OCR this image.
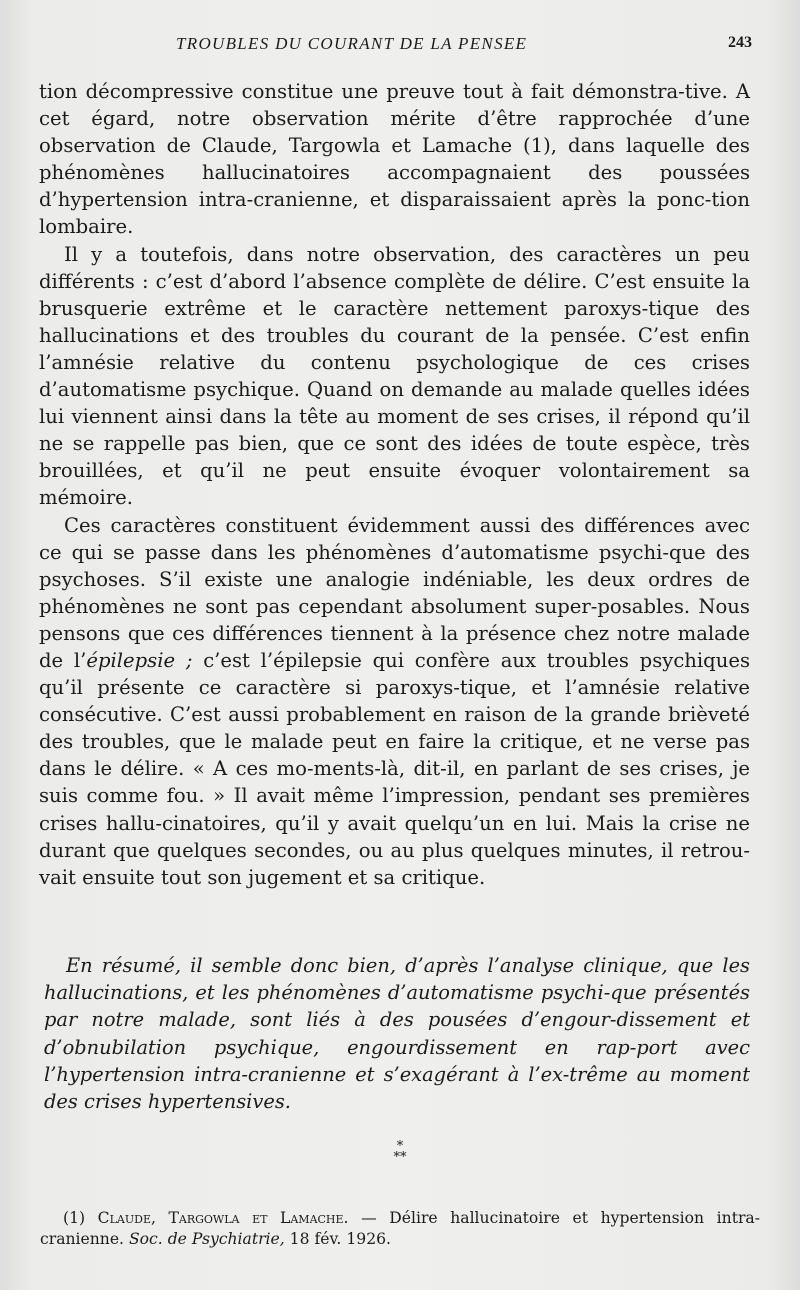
TROUBLES DU COURANT DE LA PENSEE	243

tion décompressive constitue une preuve tout à fait démonstra-tive. A cet égard, notre observation mérite d’être rapprochée d’une observation de Claude, Targowla et Lamache (1), dans laquelle des phénomènes hallucinatoires accompagnaient des poussées d’hypertension intra-cranienne, et disparaissaient après la ponc-tion lombaire.

Il y a toutefois, dans notre observation, des caractères un peu différents : c’est d’abord l’absence complète de délire. C’est ensuite la brusquerie extrême et le caractère nettement paroxys-tique des hallucinations et des troubles du courant de la pensée. C’est enfin l’amnésie relative du contenu psychologique de ces crises d’automatisme psychique. Quand on demande au malade quelles idées lui viennent ainsi dans la tête au moment de ses crises, il répond qu’il ne se rappelle pas bien, que ce sont des idées de toute espèce, très brouillées, et qu’il ne peut ensuite évoquer volontairement sa mémoire.

Ces caractères constituent évidemment aussi des différences avec ce qui se passe dans les phénomènes d’automatisme psychi-que des psychoses. S’il existe une analogie indéniable, les deux ordres de phénomènes ne sont pas cependant absolument super-posables. Nous pensons que ces différences tiennent à la présence chez notre malade de l’épilepsie ; c’est l’épilepsie qui confère aux troubles psychiques qu’il présente ce caractère si paroxys-tique, et l’amnésie relative consécutive. C’est aussi probablement en raison de la grande brièveté des troubles, que le malade peut en faire la critique, et ne verse pas dans le délire. « A ces mo-ments-là, dit-il, en parlant de ses crises, je suis comme fou. » Il avait même l’impression, pendant ses premières crises hallu-cinatoires, qu’il y avait quelqu’un en lui. Mais la crise ne durant que quelques secondes, ou au plus quelques minutes, il retrou-vait ensuite tout son jugement et sa critique.

En résumé, il semble donc bien, d’après l’analyse clinique, que les hallucinations, et les phénomènes d’automatisme psychi-que présentés par notre malade, sont liés à des pousées d’engour-dissement et d’obnubilation psychique, engourdissement en rap-port avec l’hypertension intra-cranienne et s’exagérant à l’ex-trême au moment des crises hypertensives.

*
**

(1) Claude, Targowla et Lamache. — Délire hallucinatoire et hypertension intra-cranienne. Soc. de Psychiatrie, 18 fév. 1926.
